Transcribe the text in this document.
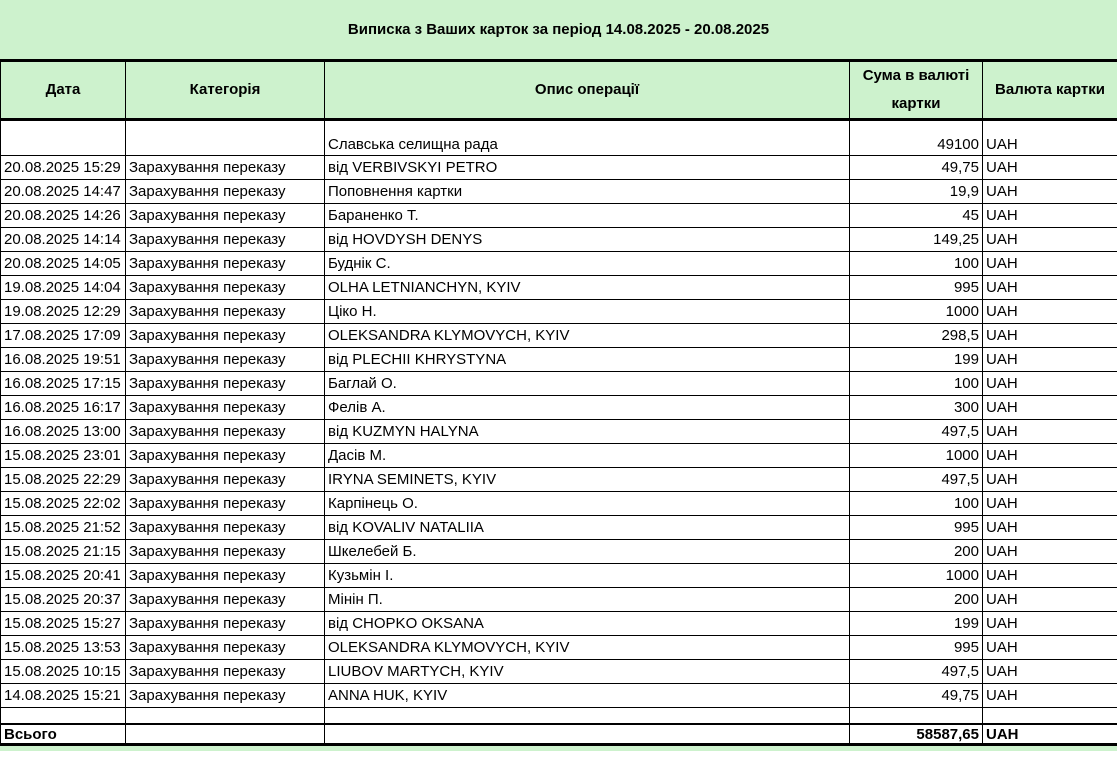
Виписка з Ваших карток за період 14.08.2025 - 20.08.2025
Дата	Категорія	Опис операції	Сума в валюті картки	Валюта картки
		Славська селищна рада	49100	UAH
20.08.2025 15:29	Зарахування переказу	від VERBIVSKYI PETRO	49,75	UAH
20.08.2025 14:47	Зарахування переказу	Поповнення картки	19,9	UAH
20.08.2025 14:26	Зарахування переказу	Бараненко Т.	45	UAH
20.08.2025 14:14	Зарахування переказу	від HOVDYSH DENYS	149,25	UAH
20.08.2025 14:05	Зарахування переказу	Буднік С.	100	UAH
19.08.2025 14:04	Зарахування переказу	OLHA LETNIANCHYN, KYIV	995	UAH
19.08.2025 12:29	Зарахування переказу	Ціко Н.	1000	UAH
17.08.2025 17:09	Зарахування переказу	OLEKSANDRA KLYMOVYCH, KYIV	298,5	UAH
16.08.2025 19:51	Зарахування переказу	від PLECHII KHRYSTYNA	199	UAH
16.08.2025 17:15	Зарахування переказу	Баглай О.	100	UAH
16.08.2025 16:17	Зарахування переказу	Фелів А.	300	UAH
16.08.2025 13:00	Зарахування переказу	від KUZMYN HALYNA	497,5	UAH
15.08.2025 23:01	Зарахування переказу	Дасів М.	1000	UAH
15.08.2025 22:29	Зарахування переказу	IRYNA SEMINETS, KYIV	497,5	UAH
15.08.2025 22:02	Зарахування переказу	Карпінець О.	100	UAH
15.08.2025 21:52	Зарахування переказу	від KOVALIV NATALIIA	995	UAH
15.08.2025 21:15	Зарахування переказу	Шкелебей Б.	200	UAH
15.08.2025 20:41	Зарахування переказу	Кузьмін І.	1000	UAH
15.08.2025 20:37	Зарахування переказу	Мінін П.	200	UAH
15.08.2025 15:27	Зарахування переказу	від CHOPKO OKSANA	199	UAH
15.08.2025 13:53	Зарахування переказу	OLEKSANDRA KLYMOVYCH, KYIV	995	UAH
15.08.2025 10:15	Зарахування переказу	LIUBOV MARTYCH, KYIV	497,5	UAH
14.08.2025 15:21	Зарахування переказу	ANNA HUK, KYIV	49,75	UAH

Всього			58587,65	UAH
